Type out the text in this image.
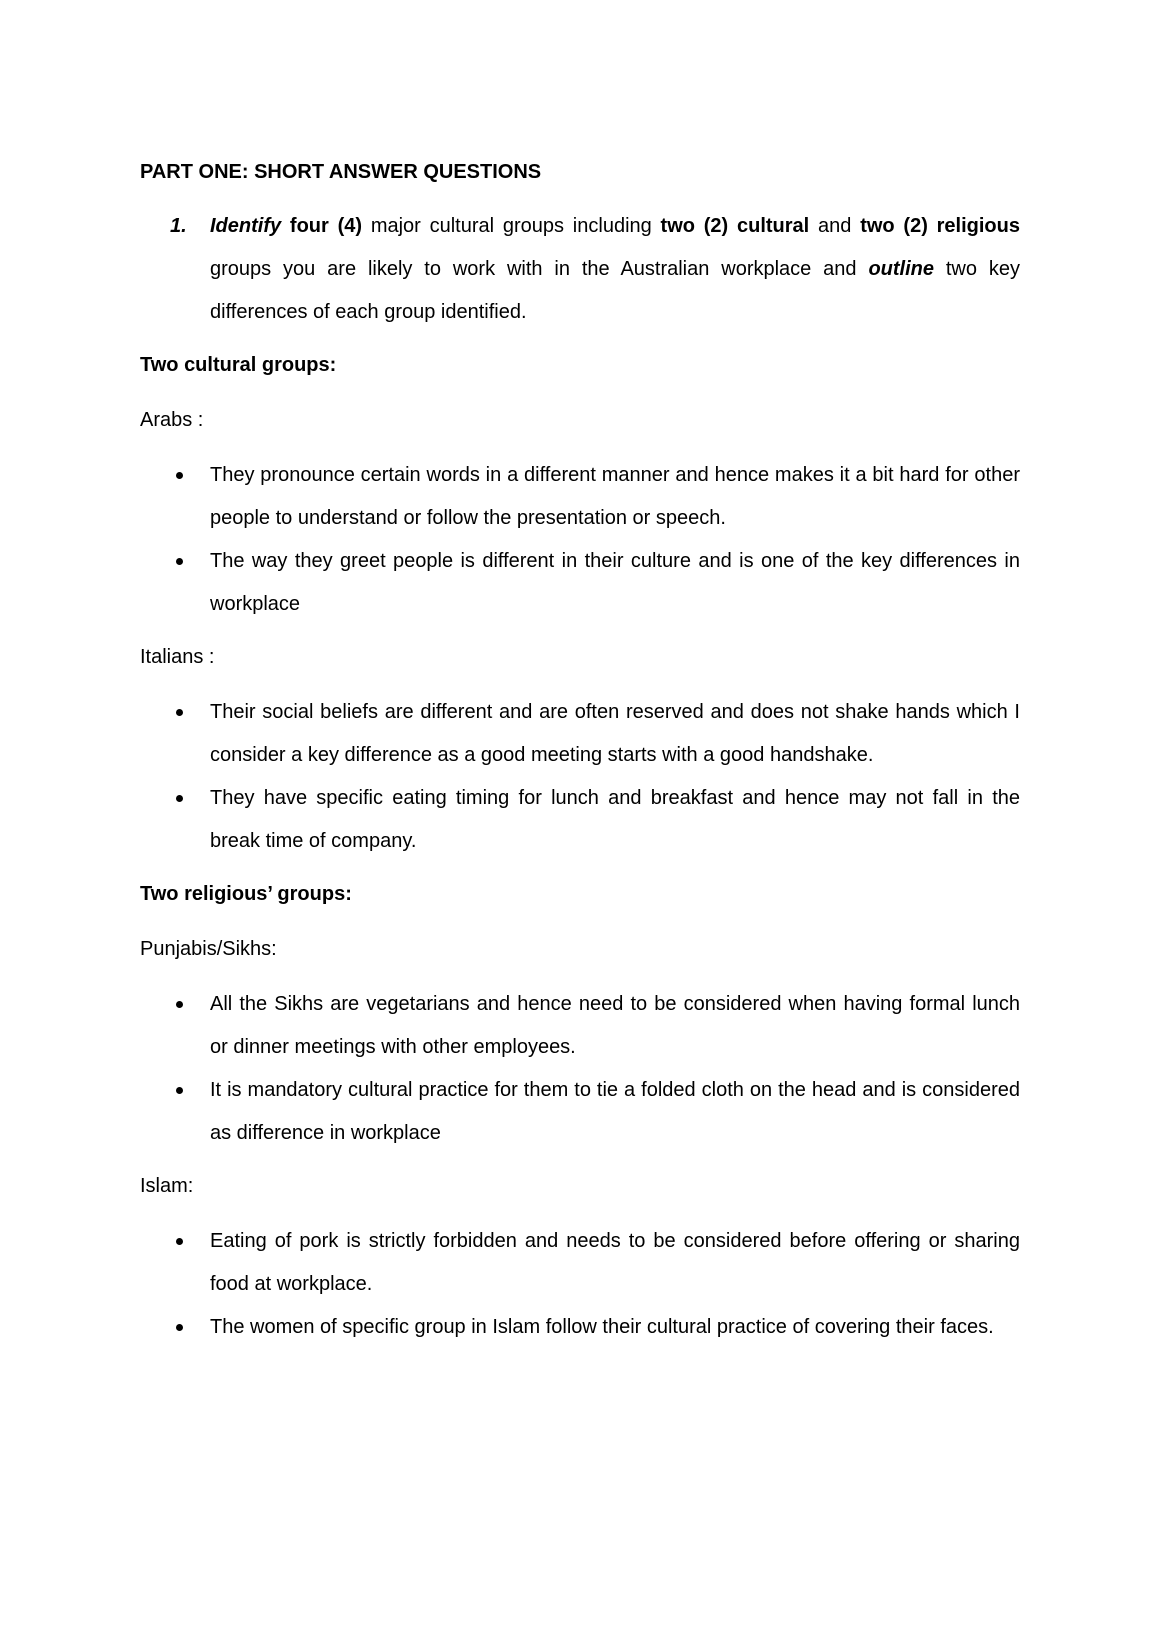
PART ONE: SHORT ANSWER QUESTIONS
1.	Identify four (4) major cultural groups including two (2) cultural and two (2) religious groups you are likely to work with in the Australian workplace and outline two key differences of each group identified.
Two cultural groups:
Arabs :
They pronounce certain words in a different manner and hence makes it a bit hard for other people to understand or follow the presentation or speech.
The way they greet people is different in their culture and is one of the key differences in workplace
Italians :
Their social beliefs are different and are often reserved and does not shake hands which I consider a key difference as a good meeting starts with a good handshake.
They have specific eating timing for lunch and breakfast and hence may not fall in the break time of company.
Two religious’ groups:
Punjabis/Sikhs:
All the Sikhs are vegetarians and hence need to be considered when having formal lunch or dinner meetings with other employees.
It is mandatory cultural practice for them to tie a folded cloth on the head and is considered as difference in workplace
Islam:
Eating of pork is strictly forbidden and needs to be considered before offering or sharing food at workplace.
The women of specific group in Islam follow their cultural practice of covering their faces.
